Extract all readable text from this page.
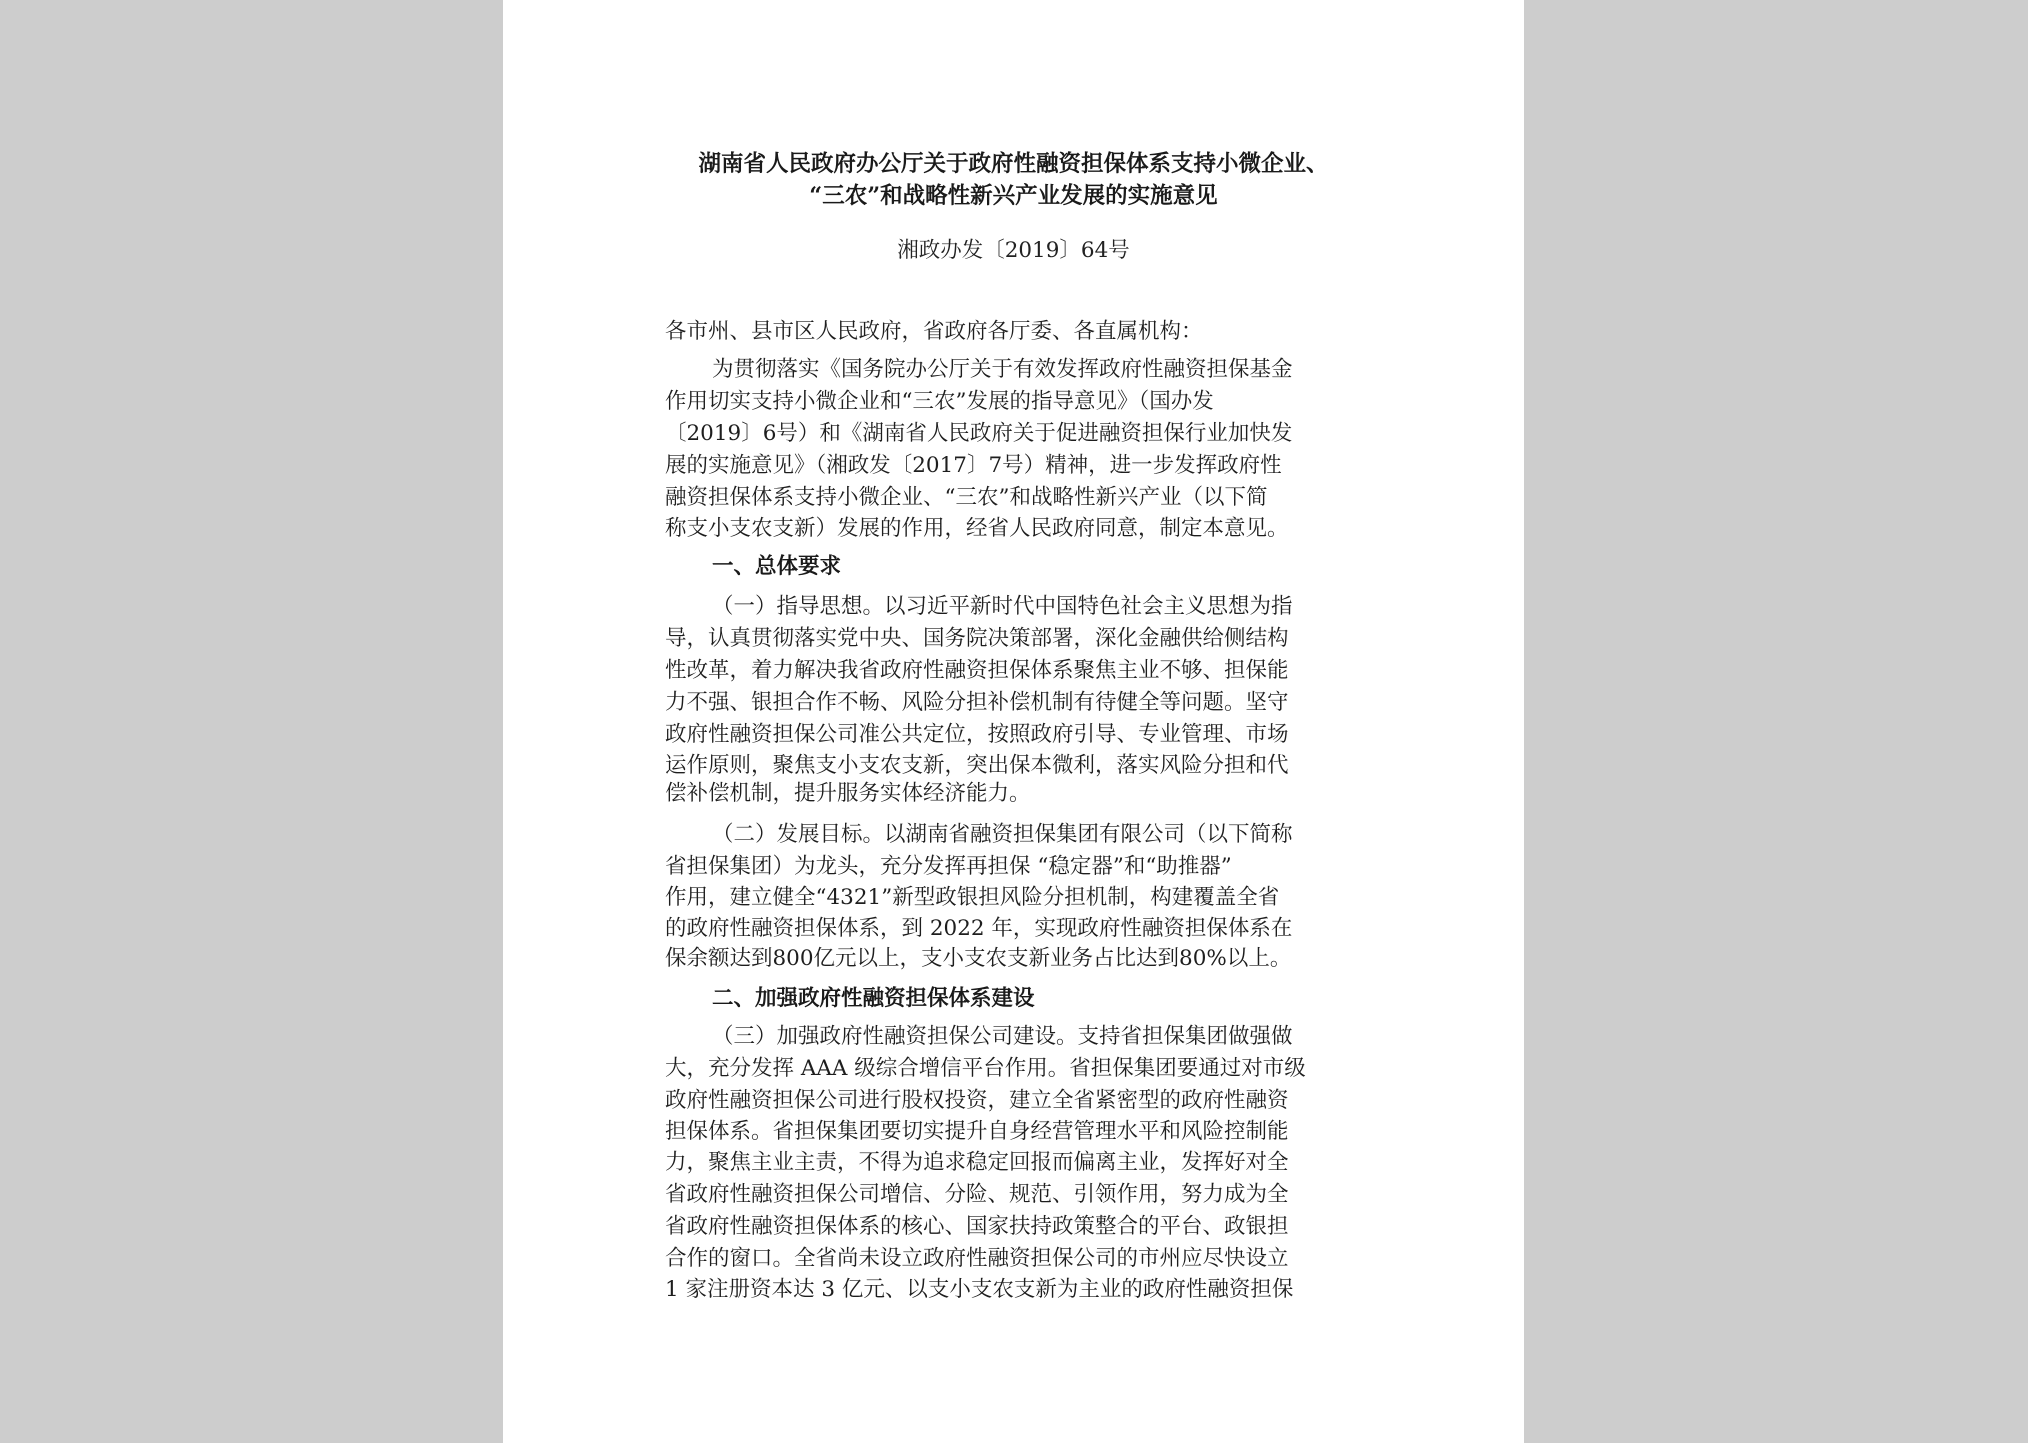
湖南省人民政府办公厅关于政府性融资担保体系支持小微企业、
“三农”和战略性新兴产业发展的实施意见
湘政办发〔2019〕64号
各市州、县市区人民政府，省政府各厅委、各直属机构：
为贯彻落实《国务院办公厅关于有效发挥政府性融资担保基金
作用切实支持小微企业和“三农”发展的指导意见》（国办发
〔2019〕6号）和《湖南省人民政府关于促进融资担保行业加快发
展的实施意见》（湘政发〔2017〕7号）精神，进一步发挥政府性
融资担保体系支持小微企业、“三农”和战略性新兴产业（以下简
称支小支农支新）发展的作用，经省人民政府同意，制定本意见。
一、总体要求
（一）指导思想。以习近平新时代中国特色社会主义思想为指
导，认真贯彻落实党中央、国务院决策部署，深化金融供给侧结构
性改革，着力解决我省政府性融资担保体系聚焦主业不够、担保能
力不强、银担合作不畅、风险分担补偿机制有待健全等问题。坚守
政府性融资担保公司准公共定位，按照政府引导、专业管理、市场
运作原则，聚焦支小支农支新，突出保本微利，落实风险分担和代
偿补偿机制，提升服务实体经济能力。
（二）发展目标。以湖南省融资担保集团有限公司（以下简称
省担保集团）为龙头，充分发挥再担保 “稳定器”和“助推器”
作用，建立健全“4321”新型政银担风险分担机制，构建覆盖全省
的政府性融资担保体系，到 2022 年，实现政府性融资担保体系在
保余额达到800亿元以上，支小支农支新业务占比达到80%以上。
二、加强政府性融资担保体系建设
（三）加强政府性融资担保公司建设。支持省担保集团做强做
大，充分发挥 AAA 级综合增信平台作用。省担保集团要通过对市级
政府性融资担保公司进行股权投资，建立全省紧密型的政府性融资
担保体系。省担保集团要切实提升自身经营管理水平和风险控制能
力，聚焦主业主责，不得为追求稳定回报而偏离主业，发挥好对全
省政府性融资担保公司增信、分险、规范、引领作用，努力成为全
省政府性融资担保体系的核心、国家扶持政策整合的平台、政银担
合作的窗口。全省尚未设立政府性融资担保公司的市州应尽快设立
1 家注册资本达 3 亿元、以支小支农支新为主业的政府性融资担保
